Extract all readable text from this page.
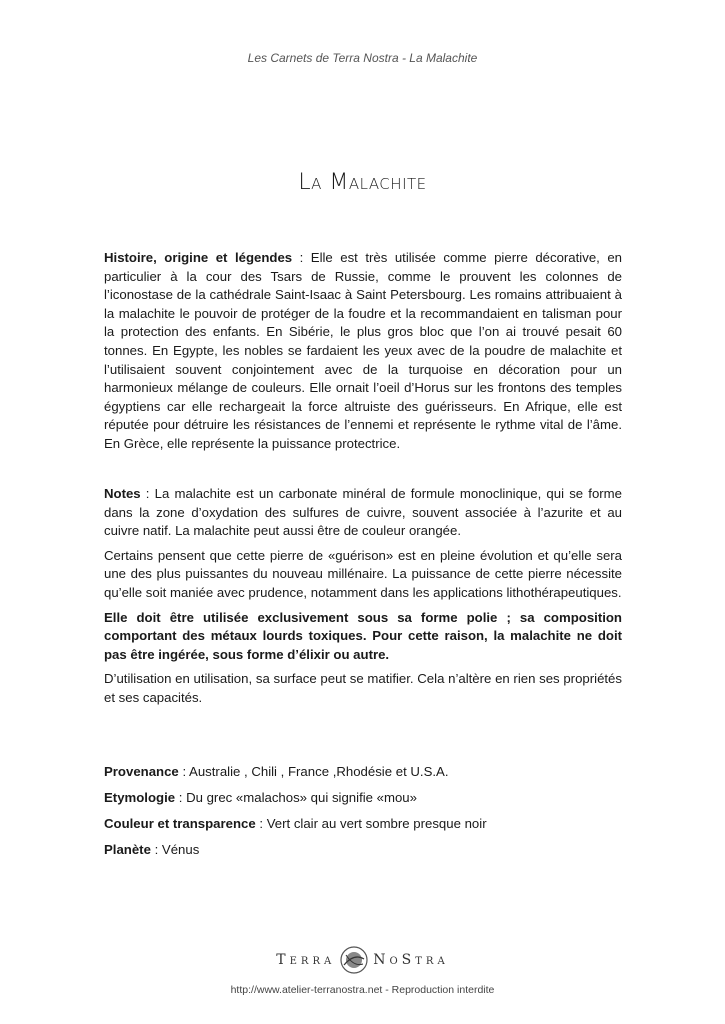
Les Carnets de Terra Nostra - La Malachite
La Malachite

Histoire, origine et légendes : Elle est très utilisée comme pierre décorative, en particulier à la cour des Tsars de Russie, comme le prouvent les colonnes de l’iconostase de la cathédrale Saint-Isaac à Saint Petersbourg. Les romains attribuaient à la malachite le pouvoir de protéger de la foudre et la recommandaient en talisman pour la protection des enfants. En Sibérie, le plus gros bloc que l’on ai trouvé pesait 60 tonnes. En Egypte, les nobles se fardaient les yeux avec de la poudre de malachite et l’utilisaient souvent conjointement avec de la turquoise en décoration pour un harmonieux mélange de couleurs. Elle ornait l’oeil d’Horus sur les frontons des temples égyptiens car elle rechargeait la force altruiste des guérisseurs. En Afrique, elle est réputée pour détruire les résistances de l’ennemi et représente le rythme vital de l’âme. En Grèce, elle représente la puissance protectrice.

Notes : La malachite est un carbonate minéral de formule monoclinique, qui se forme dans la zone d’oxydation des sulfures de cuivre, souvent associée à l’azurite et au cuivre natif. La malachite peut aussi être de couleur orangée.

Certains pensent que cette pierre de «guérison» est en pleine évolution et qu’elle sera une des plus puissantes du nouveau millénaire. La puissance de cette pierre nécessite qu’elle soit maniée avec prudence, notamment dans les applications lithothérapeutiques.

Elle doit être utilisée exclusivement sous sa forme polie ; sa composition comportant des métaux lourds toxiques. Pour cette raison, la malachite ne doit pas être ingérée, sous forme d’élixir ou autre.

D’utilisation en utilisation, sa surface peut se matifier. Cela n’altère en rien ses propriétés et ses capacités.

Provenance : Australie , Chili , France ,Rhodésie et U.S.A.

Etymologie : Du grec «malachos» qui signifie «mou»

Couleur et transparence : Vert clair au vert sombre presque noir

Planète : Vénus

Terra	NoStra
http://www.atelier-terranostra.net - Reproduction interdite
